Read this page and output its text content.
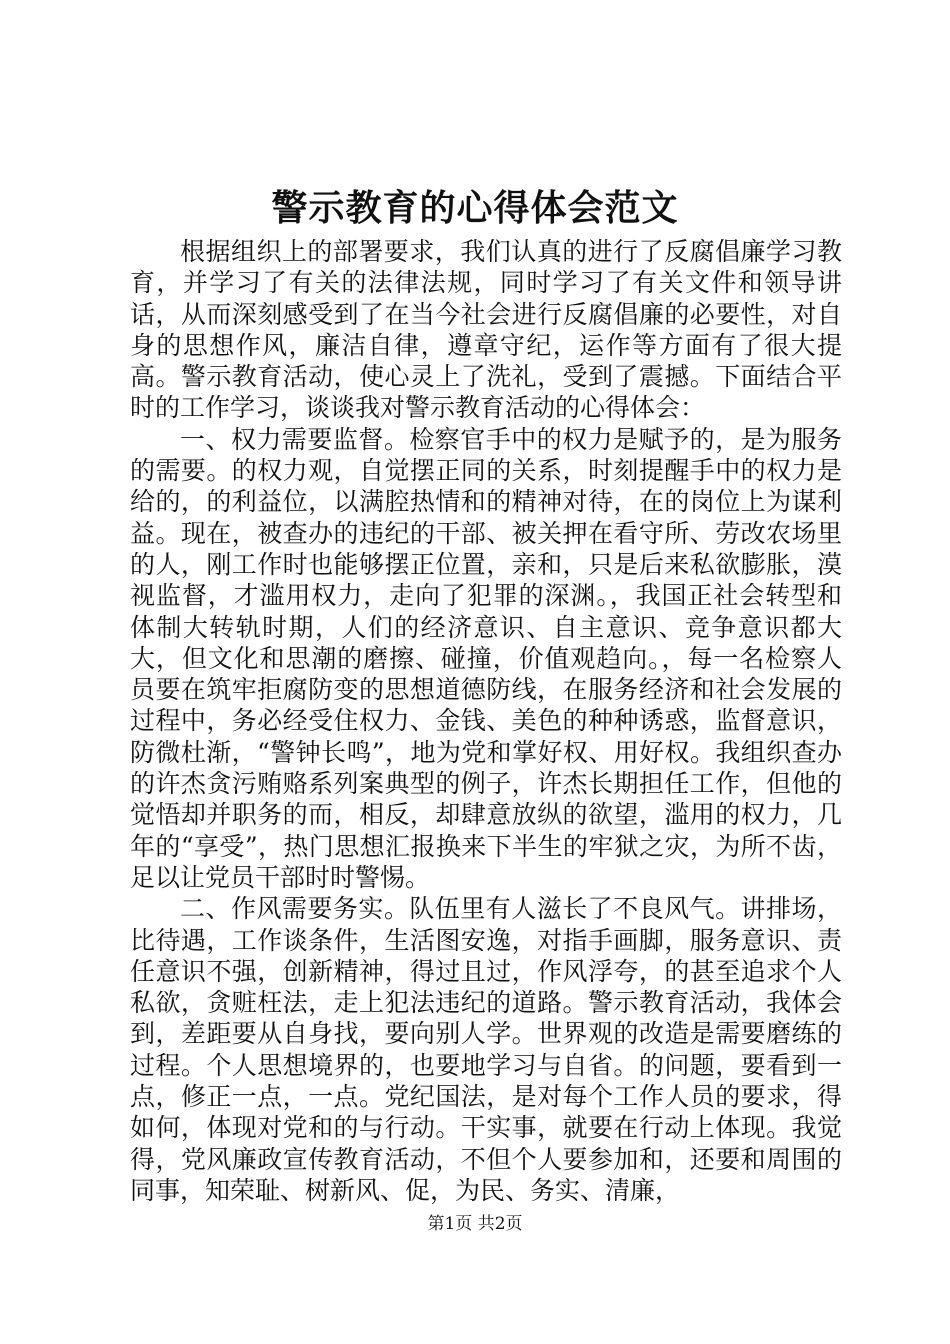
警示教育的心得体会范文

根据组织上的部署要求，我们认真的进行了反腐倡廉学习教育，并学习了有关的法律法规，同时学习了有关文件和领导讲话，从而深刻感受到了在当今社会进行反腐倡廉的必要性，对自身的思想作风，廉洁自律，遵章守纪，运作等方面有了很大提高。警示教育活动，使心灵上了洗礼，受到了震撼。下面结合平时的工作学习，谈谈我对警示教育活动的心得体会：

一、权力需要监督。检察官手中的权力是赋予的，是为服务的需要。的权力观，自觉摆正同的关系，时刻提醒手中的权力是给的，的利益位，以满腔热情和的精神对待，在的岗位上为谋利益。现在，被查办的违纪的干部、被关押在看守所、劳改农场里的人，刚工作时也能够摆正位置，亲和，只是后来私欲膨胀，漠视监督，才滥用权力，走向了犯罪的深渊。，我国正社会转型和体制大转轨时期，人们的经济意识、自主意识、竞争意识都大大，但文化和思潮的磨擦、碰撞，价值观趋向。，每一名检察人员要在筑牢拒腐防变的思想道德防线，在服务经济和社会发展的过程中，务必经受住权力、金钱、美色的种种诱惑，监督意识，防微杜渐，“警钟长鸣”，地为党和掌好权、用好权。我组织查办的许杰贪污贿赂系列案典型的例子，许杰长期担任工作，但他的觉悟却并职务的而，相反，却肆意放纵的欲望，滥用的权力，几年的“享受”，热门思想汇报换来下半生的牢狱之灾，为所不齿，足以让党员干部时时警惕。

二、作风需要务实。队伍里有人滋长了不良风气。讲排场，比待遇，工作谈条件，生活图安逸，对指手画脚，服务意识、责任意识不强，创新精神，得过且过，作风浮夸，的甚至追求个人私欲，贪赃枉法，走上犯法违纪的道路。警示教育活动，我体会到，差距要从自身找，要向别人学。世界观的改造是需要磨练的过程。个人思想境界的，也要地学习与自省。的问题，要看到一点，修正一点，一点。党纪国法，是对每个工作人员的要求，得如何，体现对党和的与行动。干实事，就要在行动上体现。我觉得，党风廉政宣传教育活动，不但个人要参加和，还要和周围的同事，知荣耻、树新风、促，为民、务实、清廉，

第1页 共2页
